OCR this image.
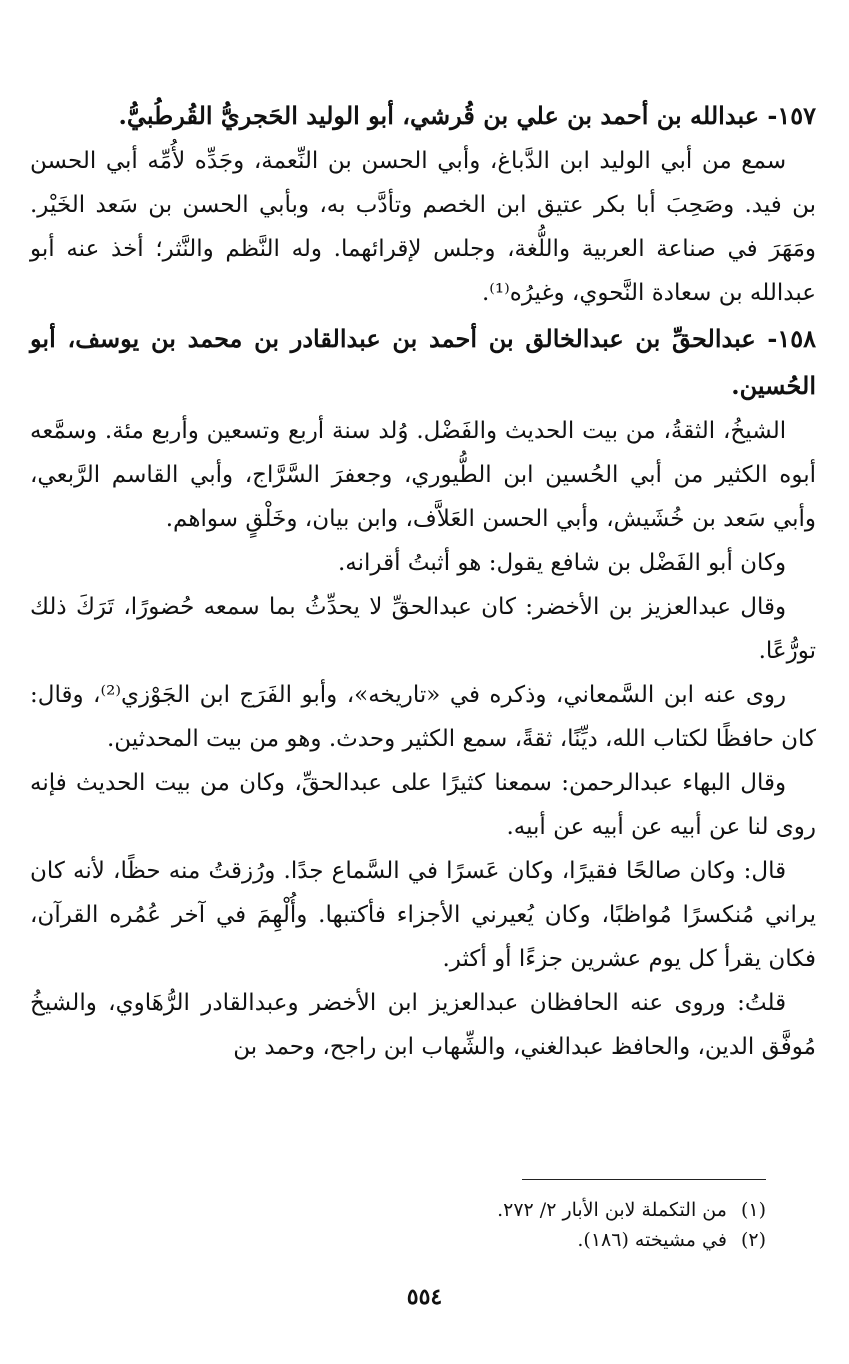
١٥٧- عبدالله بن أحمد بن علي بن قُرشي، أبو الوليد الحَجريُّ القُرطُبيُّ.

سمع من أبي الوليد ابن الدَّباغ، وأبي الحسن بن النِّعمة، وجَدِّه لأُمِّه أبي الحسن بن فيد. وصَحِبَ أبا بكر عتيق ابن الخصم وتأدَّب به، وبأبي الحسن بن سَعد الخَيْر. ومَهَرَ في صناعة العربية واللُّغة، وجلس لإقرائهما. وله النَّظم والنَّثر؛ أخذ عنه أبو عبدالله بن سعادة النَّحوي، وغيرُه⁽¹⁾.

١٥٨- عبدالحقِّ بن عبدالخالق بن أحمد بن عبدالقادر بن محمد بن يوسف، أبو الحُسين.

الشيخُ، الثقةُ، من بيت الحديث والفَضْل. وُلد سنة أربع وتسعين وأربع مئة. وسمَّعه أبوه الكثير من أبي الحُسين ابن الطُّيوري، وجعفرَ السَّرَّاج، وأبي القاسم الرَّبعي، وأبي سَعد بن خُشَيش، وأبي الحسن العَلاَّف، وابن بيان، وخَلْقٍ سواهم.

وكان أبو الفَضْل بن شافع يقول: هو أثبتُ أقرانه.

وقال عبدالعزيز بن الأخضر: كان عبدالحقِّ لا يحدِّثُ بما سمعه حُضورًا، تَرَكَ ذلك تورُّعًا.

روى عنه ابن السَّمعاني، وذكره في «تاريخه»، وأبو الفَرَج ابن الجَوْزي⁽²⁾، وقال: كان حافظًا لكتاب الله، ديِّنًا، ثقةً، سمع الكثير وحدث. وهو من بيت المحدثين.

وقال البهاء عبدالرحمن: سمعنا كثيرًا على عبدالحقِّ، وكان من بيت الحديث فإنه روى لنا عن أبيه عن أبيه عن أبيه.

قال: وكان صالحًا فقيرًا، وكان عَسرًا في السَّماع جدًا. ورُزقتُ منه حظًا، لأنه كان يراني مُنكسرًا مُواظبًا، وكان يُعيرني الأجزاء فأكتبها. وأُلْهِمَ في آخر عُمُره القرآن، فكان يقرأ كل يوم عشرين جزءًا أو أكثر.

قلتُ: وروى عنه الحافظان عبدالعزيز ابن الأخضر وعبدالقادر الرُّهَاوي، والشيخُ مُوفَّق الدين، والحافظ عبدالغني، والشِّهاب ابن راجح، وحمد بن

(١)من التكملة لابن الأبار ٢/ ٢٧٢.

(٢)في مشيخته (١٨٦).

٥٥٤
